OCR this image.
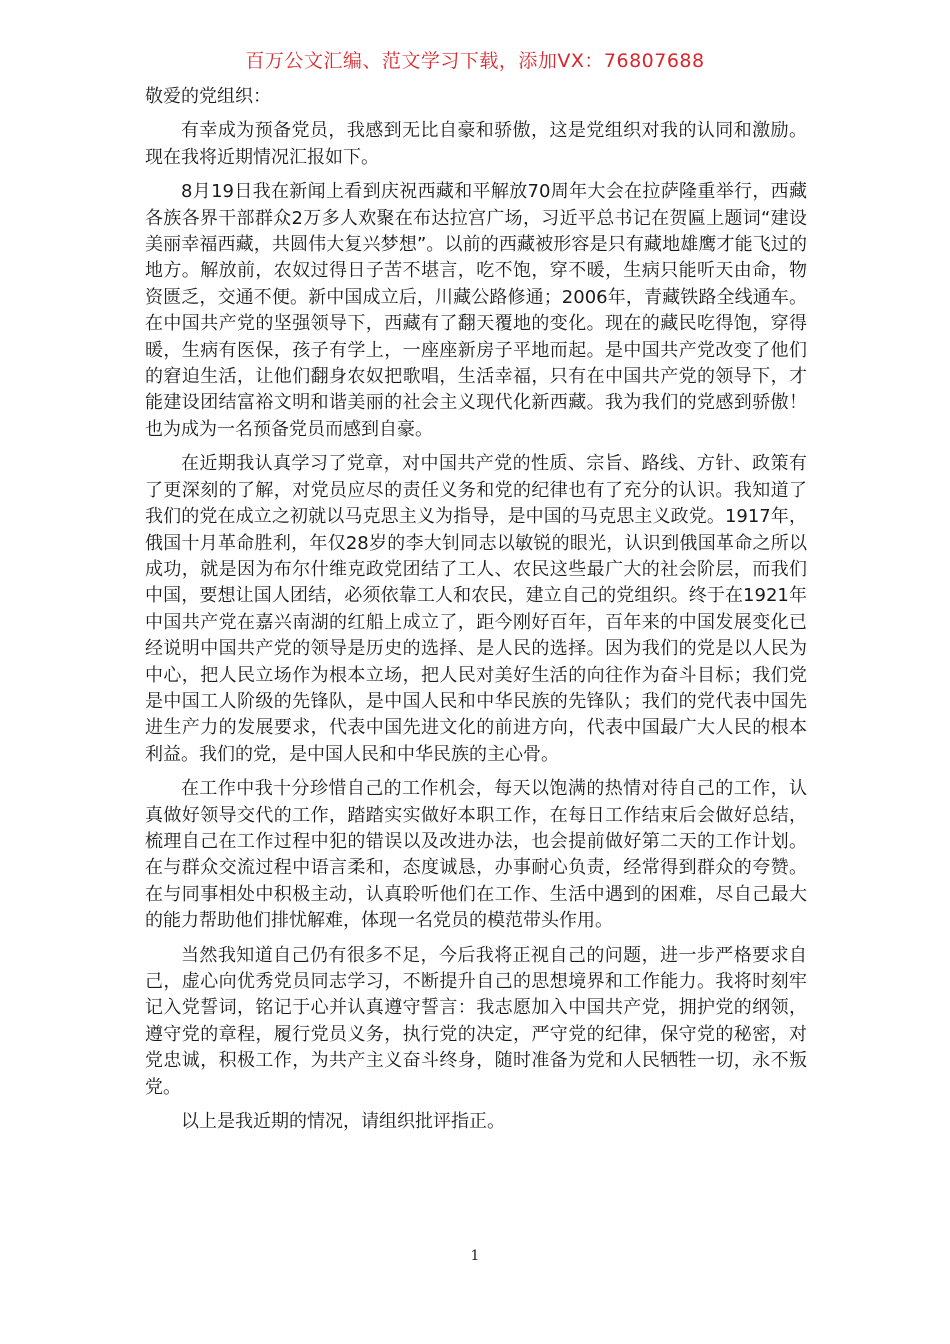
百万公文汇编、范文学习下载，添加VX：76807688

敬爱的党组织：

有幸成为预备党员，我感到无比自豪和骄傲，这是党组织对我的认同和激励。现在我将近期情况汇报如下。

8月19日我在新闻上看到庆祝西藏和平解放70周年大会在拉萨隆重举行，西藏各族各界干部群众2万多人欢聚在布达拉宫广场，习近平总书记在贺匾上题词“建设美丽幸福西藏，共圆伟大复兴梦想”。以前的西藏被形容是只有藏地雄鹰才能飞过的地方。解放前，农奴过得日子苦不堪言，吃不饱，穿不暖，生病只能听天由命，物资匮乏，交通不便。新中国成立后，川藏公路修通；2006年，青藏铁路全线通车。在中国共产党的坚强领导下，西藏有了翻天覆地的变化。现在的藏民吃得饱，穿得暖，生病有医保，孩子有学上，一座座新房子平地而起。是中国共产党改变了他们的窘迫生活，让他们翻身农奴把歌唱，生活幸福，只有在中国共产党的领导下，才能建设团结富裕文明和谐美丽的社会主义现代化新西藏。我为我们的党感到骄傲！也为成为一名预备党员而感到自豪。

在近期我认真学习了党章，对中国共产党的性质、宗旨、路线、方针、政策有了更深刻的了解，对党员应尽的责任义务和党的纪律也有了充分的认识。我知道了我们的党在成立之初就以马克思主义为指导，是中国的马克思主义政党。1917年，俄国十月革命胜利，年仅28岁的李大钊同志以敏锐的眼光，认识到俄国革命之所以成功，就是因为布尔什维克政党团结了工人、农民这些最广大的社会阶层，而我们中国，要想让国人团结，必须依靠工人和农民，建立自己的党组织。终于在1921年中国共产党在嘉兴南湖的红船上成立了，距今刚好百年，百年来的中国发展变化已经说明中国共产党的领导是历史的选择、是人民的选择。因为我们的党是以人民为中心，把人民立场作为根本立场，把人民对美好生活的向往作为奋斗目标；我们党是中国工人阶级的先锋队，是中国人民和中华民族的先锋队；我们的党代表中国先进生产力的发展要求，代表中国先进文化的前进方向，代表中国最广大人民的根本利益。我们的党，是中国人民和中华民族的主心骨。

在工作中我十分珍惜自己的工作机会，每天以饱满的热情对待自己的工作，认真做好领导交代的工作，踏踏实实做好本职工作，在每日工作结束后会做好总结，梳理自己在工作过程中犯的错误以及改进办法，也会提前做好第二天的工作计划。在与群众交流过程中语言柔和，态度诚恳，办事耐心负责，经常得到群众的夸赞。在与同事相处中积极主动，认真聆听他们在工作、生活中遇到的困难，尽自己最大的能力帮助他们排忧解难，体现一名党员的模范带头作用。

当然我知道自己仍有很多不足，今后我将正视自己的问题，进一步严格要求自己，虚心向优秀党员同志学习，不断提升自己的思想境界和工作能力。我将时刻牢记入党誓词，铭记于心并认真遵守誓言：我志愿加入中国共产党，拥护党的纲领，遵守党的章程，履行党员义务，执行党的决定，严守党的纪律，保守党的秘密，对党忠诚，积极工作，为共产主义奋斗终身，随时准备为党和人民牺牲一切，永不叛党。

以上是我近期的情况，请组织批评指正。

1
